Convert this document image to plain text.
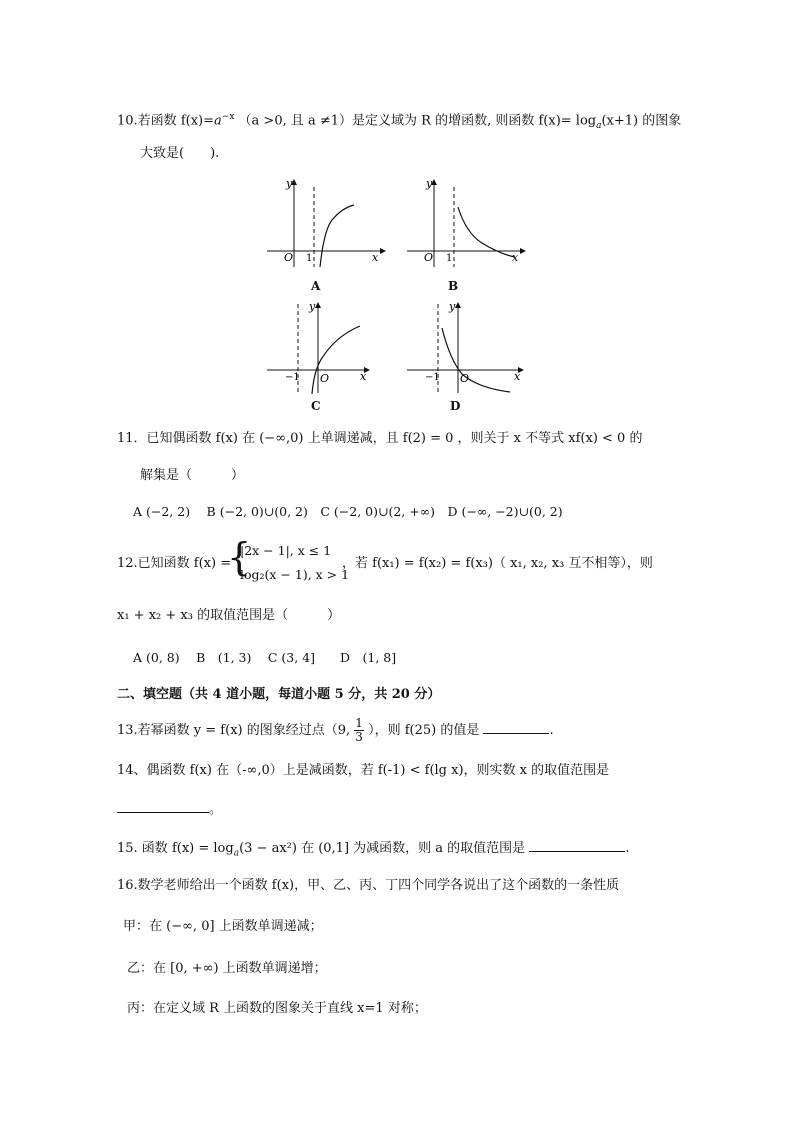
10.若函数 $f(x)=a^{-x}$ （a >0, 且 a ≠1）是定义域为 R 的增函数, 则函数 $f(x)= \log_a(x+1)$ 的图象
大致是(　　).
y
O 1	x
A
y
O 1	x
B
y
O
−1	x
C
y
O
−1	x
D
11．已知偶函数 f(x) 在 (−∞,0) 上单调递减，且 f(2) = 0 ，则关于 x 不等式 xf(x) < 0 的
解集是（　　　）
A (−2, 2)　 B (−2, 0)∪(0, 2)　C (−2, 0)∪(2, +∞)　D (−∞, −2)∪(0, 2)
12.已知函数 f(x) =
{
|2x − 1|, x ≤ 1
log₂(x − 1), x > 1
，若 f(x₁) = f(x₂) = f(x₃)（ x₁, x₂, x₃ 互不相等），则
x₁ + x₂ + x₃ 的取值范围是（　　　）
A (0, 8)　 B　(1, 3)　 C (3, 4]　　D　(1, 8]
二、填空题（共 4 道小题，每道小题 5 分，共 20 分）
13.若幂函数 y = f(x) 的图象经过点（9, $\frac{1}{3}$ ），则 f(25) 的值是	.
14、偶函数 f(x) 在（-∞,0）上是减函数，若 f(-1) < f(lg x)，则实数 x 的取值范围是
。
15. 函数 $f(x) = \log_a(3 - ax^2)$ 在 (0,1] 为减函数，则 a 的取值范围是	.
16.数学老师给出一个函数 f(x)，甲、乙、丙、丁四个同学各说出了这个函数的一条性质
甲：在 (−∞, 0] 上函数单调递减；
乙：在 [0, +∞) 上函数单调递增；
丙：在定义域 R 上函数的图象关于直线 x=1 对称；
